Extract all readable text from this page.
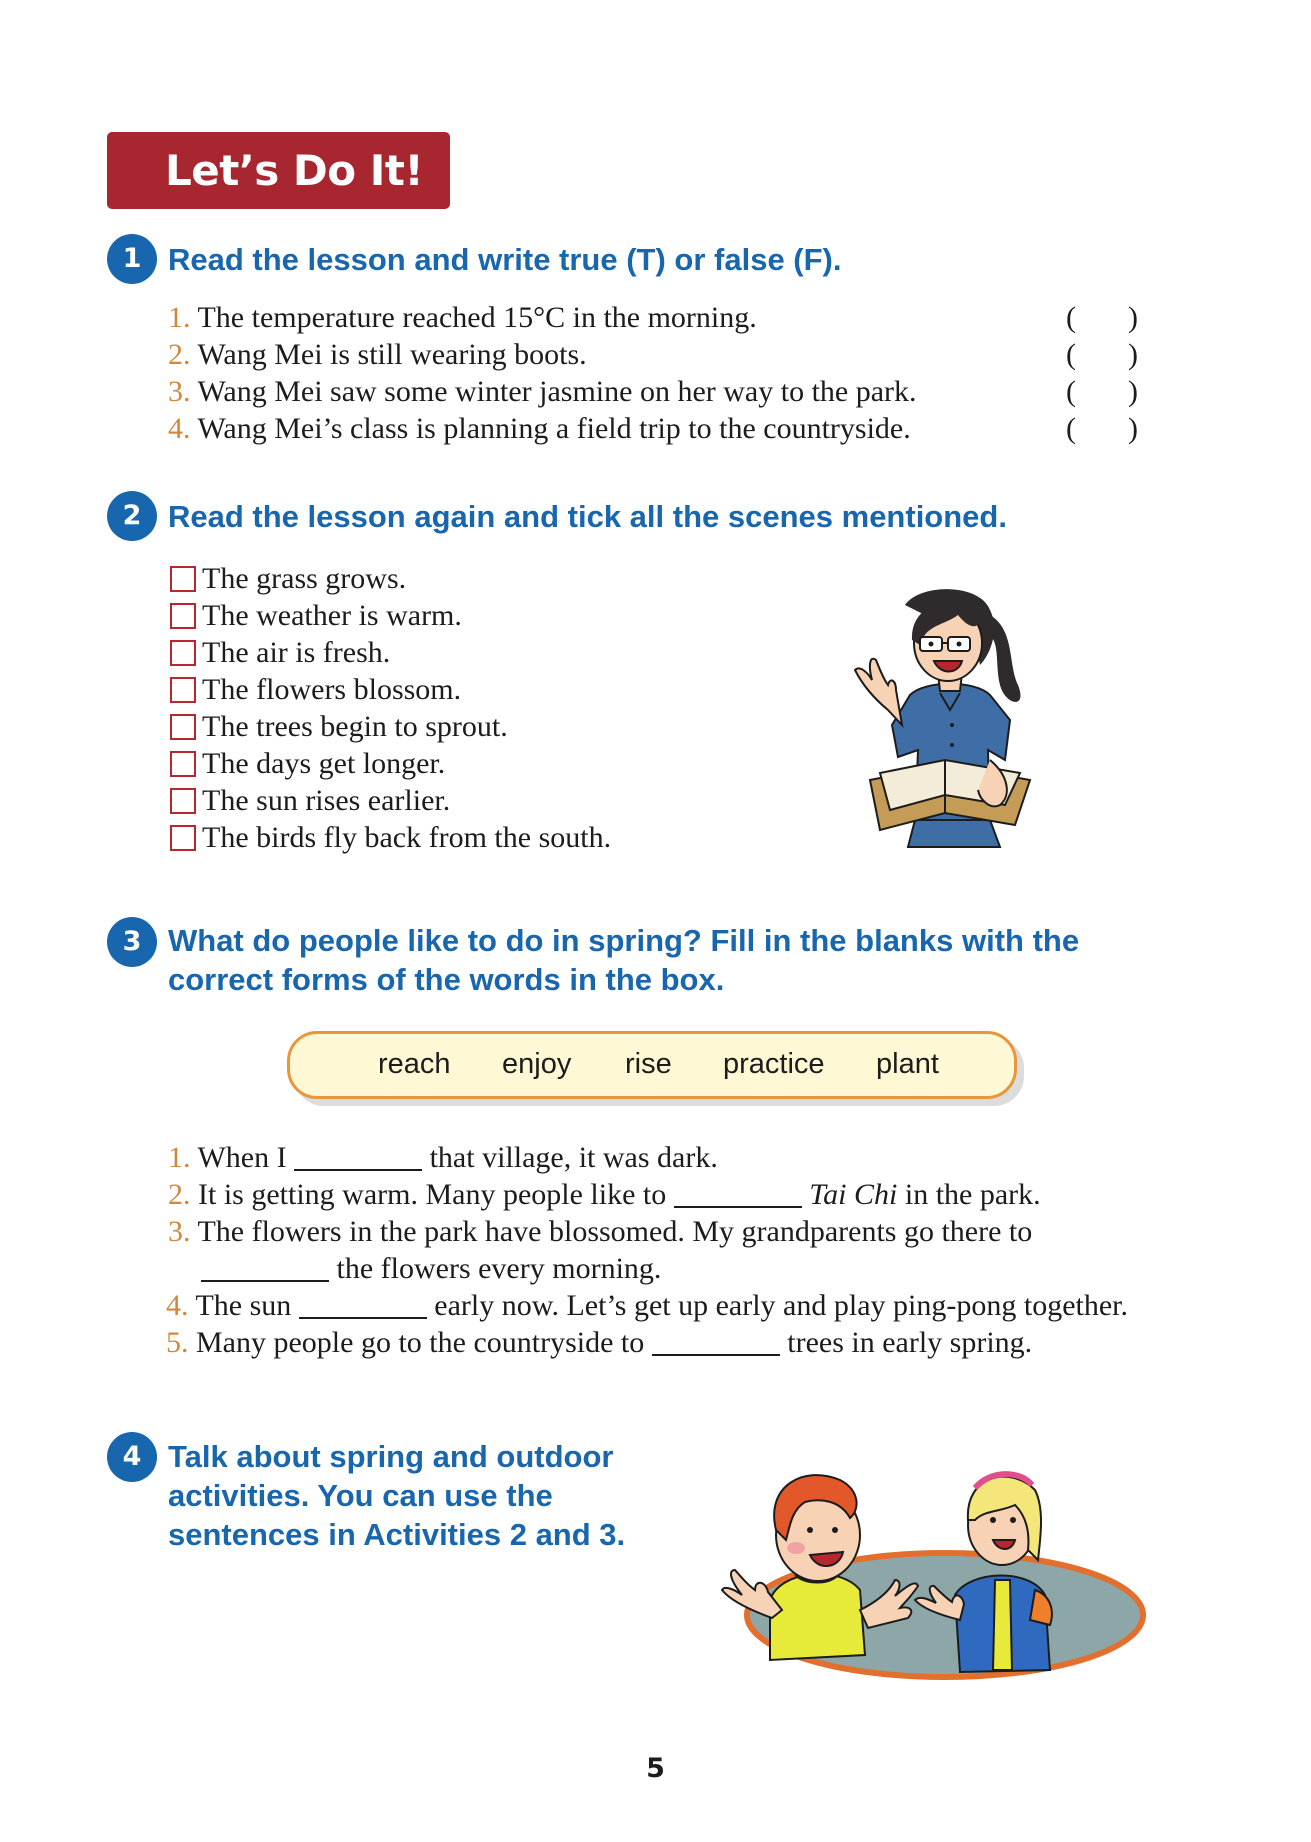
Let’s Do It!
1 Read the lesson and write true (T) or false (F).
1. The temperature reached 15°C in the morning.	( )
2. Wang Mei is still wearing boots.	( )
3. Wang Mei saw some winter jasmine on her way to the park.	( )
4. Wang Mei’s class is planning a field trip to the countryside.	( )
2 Read the lesson again and tick all the scenes mentioned.
The grass grows.
The weather is warm.
The air is fresh.
The flowers blossom.
The trees begin to sprout.
The days get longer.
The sun rises earlier.
The birds fly back from the south.
3 What do people like to do in spring? Fill in the blanks with the
correct forms of the words in the box.
reach enjoy rise practice plant
1. When I	that village, it was dark.
2. It is getting warm. Many people like to	Tai Chi in the park.
3. The flowers in the park have blossomed. My grandparents go there to
the flowers every morning.
4. The sun	early now. Let’s get up early and play ping-pong together.
5. Many people go to the countryside to	trees in early spring.
4 Talk about spring and outdoor
activities. You can use the
sentences in Activities 2 and 3.
5
